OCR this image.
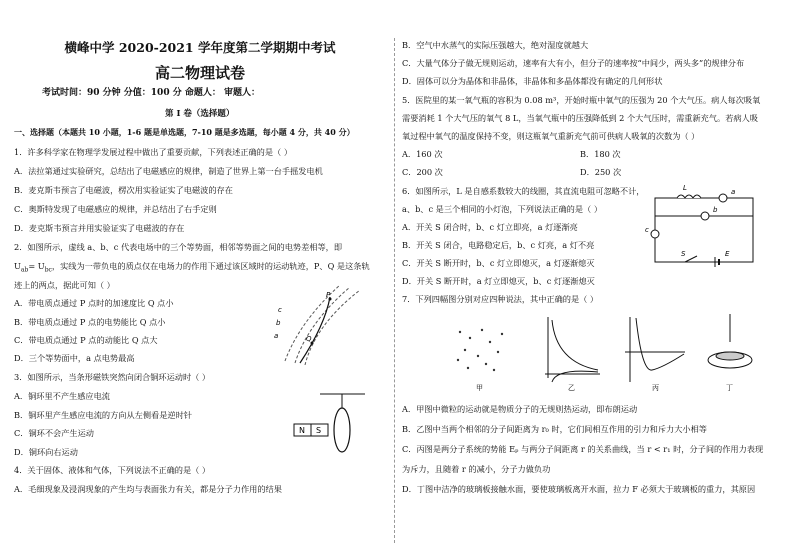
横峰中学 2020-2021 学年度第二学期期中考试
高二物理试卷
考试时间：90 分钟 分值：100 分 命题人： 审题人：
第 I 卷（选择题）
一、选择题（本题共 10 小题，1-6 题是单选题，7-10 题是多选题，每小题 4 分，共 40 分）
1．许多科学家在物理学发展过程中做出了重要贡献，下列表述正确的是（ ）
A．法拉第通过实验研究，总结出了电磁感应的规律，制造了世界上第一台手摇发电机
B．麦克斯韦预言了电磁波，楞次用实验证实了电磁波的存在
C．奥斯特发现了电磁感应的规律，并总结出了右手定则
D．麦克斯韦预言并用实验证实了电磁波的存在
2．如图所示，虚线 a、b、c 代表电场中的三个等势面，相邻等势面之间的电势差相等，即
$U_{ab}= U_{bc}$，实线为一带负电的质点仅在电场力的作用下通过该区域时的运动轨迹，P、Q 是这条轨
迹上的两点，据此可知（ ）
A．带电质点通过 P 点时的加速度比 Q 点小
B．带电质点通过 P 点的电势能比 Q 点小
C．带电质点通过 P 点的动能比 Q 点大
D．三个等势面中，a 点电势最高
c
b
a
P
Q
3．如图所示，当条形磁铁突然向闭合铜环运动时（ ）
A．铜环里不产生感应电流
B．铜环里产生感应电流的方向从左侧看是逆时针
C．铜环不会产生运动
D．铜环向右运动
N S
4．关于固体、液体和气体，下列说法不正确的是（ ）
A．毛细现象及浸润现象的产生均与表面张力有关，都是分子力作用的结果
B．空气中水蒸气的实际压强越大，绝对湿度就越大
C．大量气体分子做无规则运动，速率有大有小，但分子的速率按“中间少，两头多”的规律分布
D．固体可以分为晶体和非晶体，非晶体和多晶体都没有确定的几何形状
5．医院里的某一氧气瓶的容积为 0.08 m³，开始时瓶中氧气的压强为 20 个大气压。病人每次吸氧
需要消耗 1 个大气压的氧气 8 L，当氧气瓶中的压强降低到 2 个大气压时，需重新充气。若病人吸
氧过程中氧气的温度保持不变，则这瓶氧气重新充气前可供病人吸氧的次数为（ ）
A．160 次	B．180 次
C．200 次	D．250 次
6．如图所示，L 是自感系数较大的线圈，其直流电阻可忽略不计，
a、b、c 是三个相同的小灯泡，下列说法正确的是（ ）
A．开关 S 闭合时，b、c 灯立即亮，a 灯逐渐亮
B．开关 S 闭合，电路稳定后，b、c 灯亮，a 灯不亮
C．开关 S 断开时，b、c 灯立即熄灭，a 灯逐渐熄灭
D．开关 S 断开时，a 灯立即熄灭，b、c 灯逐渐熄灭
L	a
b
c
S	E
7．下列四幅图分别对应四种说法，其中正确的是（ ）
甲	乙	丙	丁
A．甲图中微粒的运动就是物质分子的无规则热运动，即布朗运动
B．乙图中当两个相邻的分子间距离为 r₀ 时，它们间相互作用的引力和斥力大小相等
C．丙图是两分子系统的势能 Eₚ 与两分子间距离 r 的关系曲线，当 r < r₁ 时，分子间的作用力表现
为斥力，且随着 r 的减小，分子力做负功
D．丁图中洁净的玻璃板接触水面，要使玻璃板离开水面，拉力 F 必须大于玻璃板的重力，其原因
